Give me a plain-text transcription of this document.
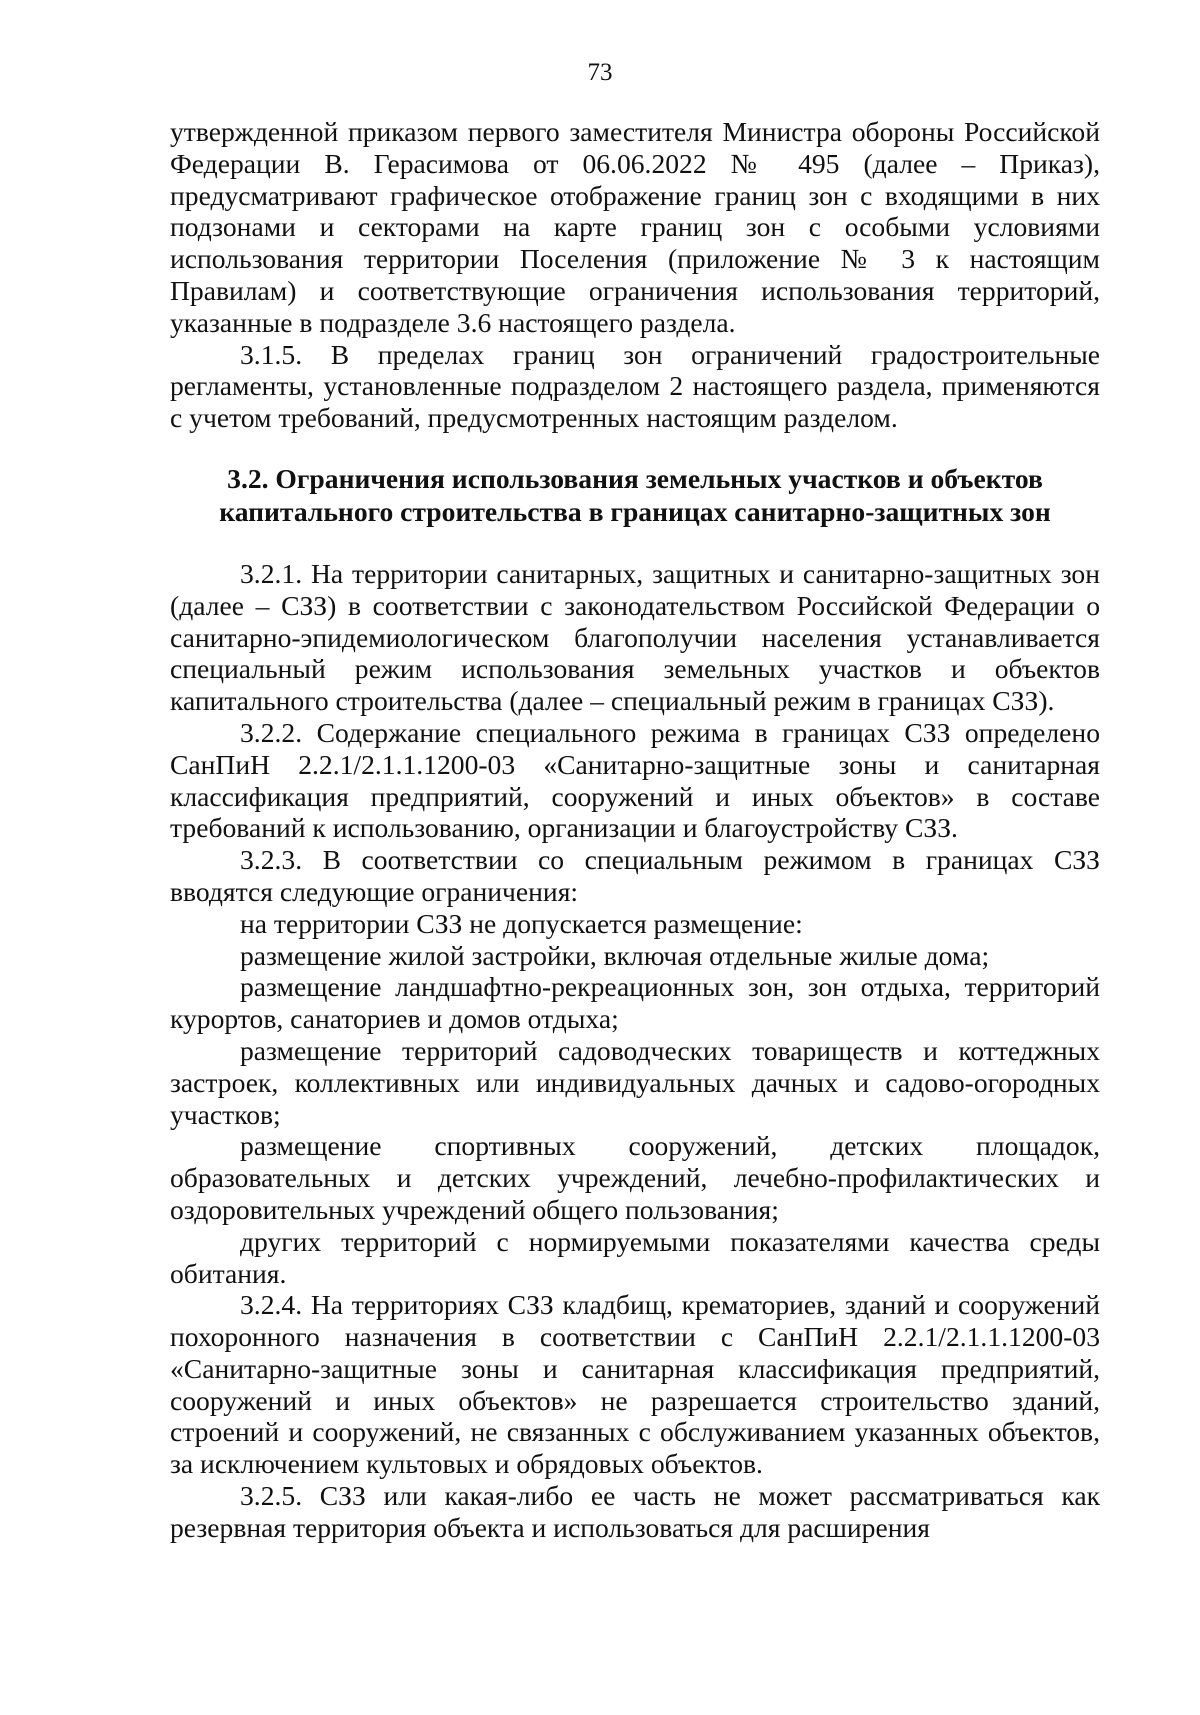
73

утвержденной приказом первого заместителя Министра обороны Российской Федерации В. Герасимова от 06.06.2022 № 495 (далее – Приказ), предусматривают графическое отображение границ зон с входящими в них подзонами и секторами на карте границ зон с особыми условиями использования территории Поселения (приложение № 3 к настоящим Правилам) и соответствующие ограничения использования территорий, указанные в подразделе 3.6 настоящего раздела.

3.1.5. В пределах границ зон ограничений градостроительные регламенты, установленные подразделом 2 настоящего раздела, применяются с учетом требований, предусмотренных настоящим разделом.

3.2. Ограничения использования земельных участков и объектов капитального строительства в границах санитарно-защитных зон

3.2.1. На территории санитарных, защитных и санитарно-защитных зон (далее – СЗЗ) в соответствии с законодательством Российской Федерации о санитарно-эпидемиологическом благополучии населения устанавливается специальный режим использования земельных участков и объектов капитального строительства (далее – специальный режим в границах СЗЗ).

3.2.2. Содержание специального режима в границах СЗЗ определено СанПиН 2.2.1/2.1.1.1200-03 «Санитарно-защитные зоны и санитарная классификация предприятий, сооружений и иных объектов» в составе требований к использованию, организации и благоустройству СЗЗ.

3.2.3. В соответствии со специальным режимом в границах СЗЗ вводятся следующие ограничения:

на территории СЗЗ не допускается размещение:

размещение жилой застройки, включая отдельные жилые дома;

размещение ландшафтно-рекреационных зон, зон отдыха, территорий курортов, санаториев и домов отдыха;

размещение территорий садоводческих товариществ и коттеджных застроек, коллективных или индивидуальных дачных и садово-огородных участков;

размещение спортивных сооружений, детских площадок, образовательных и детских учреждений, лечебно-профилактических и оздоровительных учреждений общего пользования;

других территорий с нормируемыми показателями качества среды обитания.

3.2.4. На территориях СЗЗ кладбищ, крематориев, зданий и сооружений похоронного назначения в соответствии с СанПиН 2.2.1/2.1.1.1200-03 «Санитарно-защитные зоны и санитарная классификация предприятий, сооружений и иных объектов» не разрешается строительство зданий, строений и сооружений, не связанных с обслуживанием указанных объектов, за исключением культовых и обрядовых объектов.

3.2.5. СЗЗ или какая-либо ее часть не может рассматриваться как резервная территория объекта и использоваться для расширения
